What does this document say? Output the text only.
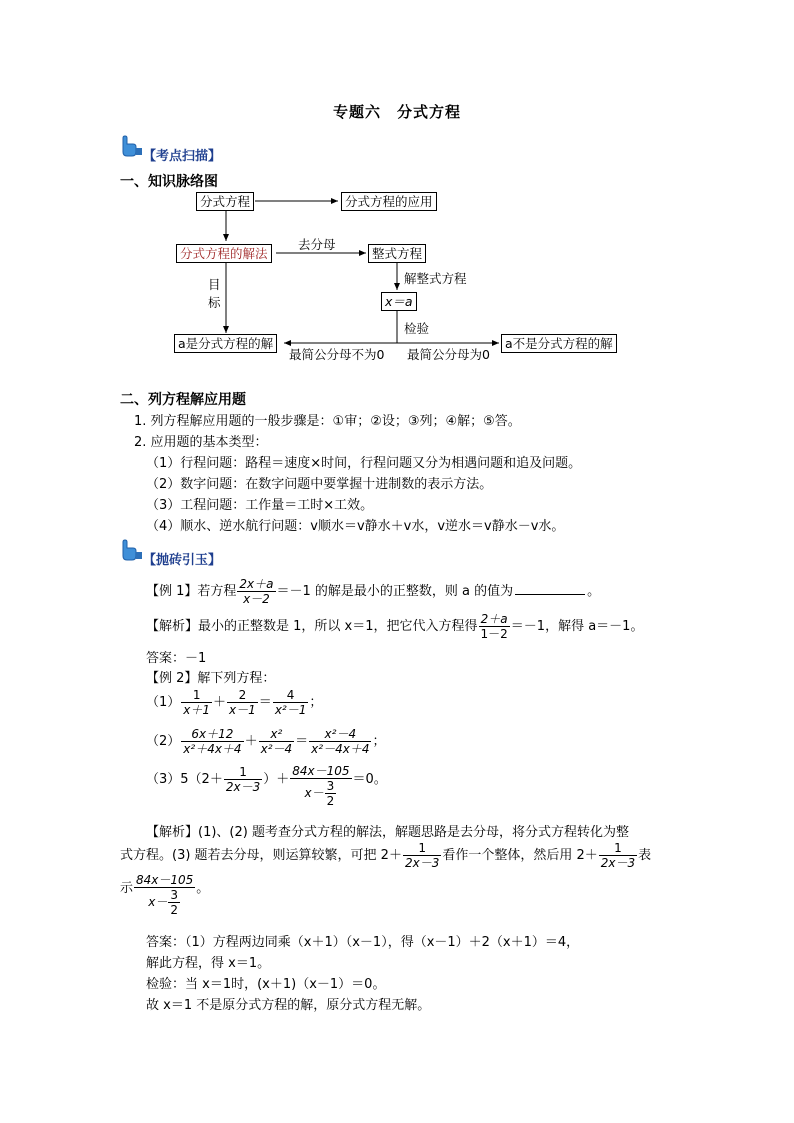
专题六　分式方程
【考点扫描】
一、知识脉络图
分式方程	分式方程的应用
分式方程的解法
去分母
整式方程
解整式方程
x＝a
目
标
检验
a是分式方程的解	a不是分式方程的解
最简公分母不为0 最简公分母为0
二、列方程解应用题
1. 列方程解应用题的一般步骤是：①审；②设；③列；④解；⑤答。
2. 应用题的基本类型：
（1）行程问题：路程＝速度×时间，行程问题又分为相遇问题和追及问题。
（2）数字问题：在数字问题中要掌握十进制数的表示方法。
（3）工程问题：工作量＝工时×工效。
（4）顺水、逆水航行问题：v顺水＝v静水＋v水，v逆水＝v静水－v水。
【抛砖引玉】
【例 1】若方程 $\frac{2x+a}{x-2} =-1$ 的解是最小的正整数，则 a 的值为	。
【解析】最小的正整数是 1，所以 x＝1，把它代入方程得 $\frac{2+a}{1-2} =-1$，解得 a＝－1。
答案：－1
【例 2】解下列方程：
$(1) \frac{1}{x+1} + \frac{2}{x-1} = \frac{4}{\text{x²－1}}$ ；
$(2) \frac{6x+12}{\text{x²＋4x＋4}} + \frac{\text{x²}}{\text{x²－4}} = \frac{\text{x²－4}}{\text{x²－4x＋4}}$ ；
$(3)5(2+ \frac{1}{2x-3}$ ）＋ $\frac{84x-105}{x- \frac{3}{2}} =0$。
【解析】(1)、(2) 题考查分式方程的解法，解题思路是去分母，将分式方程转化为整
式方程。(3) 题若去分母，则运算较繁，可把 $2+ \frac{1}{2x-3}$ 看作一个整体，然后用 $2+ \frac{1}{2x-3}$ 表
示 $\frac{84x-105}{x- \frac{3}{2}}$ 。
答案：（1）方程两边同乘（x＋1）（x－1），得（x－1）＋2（x＋1）＝4，
解此方程，得 x＝1。
检验：当 x＝1时，(x＋1)（x－1）＝0。
故 x＝1 不是原分式方程的解，原分式方程无解。
